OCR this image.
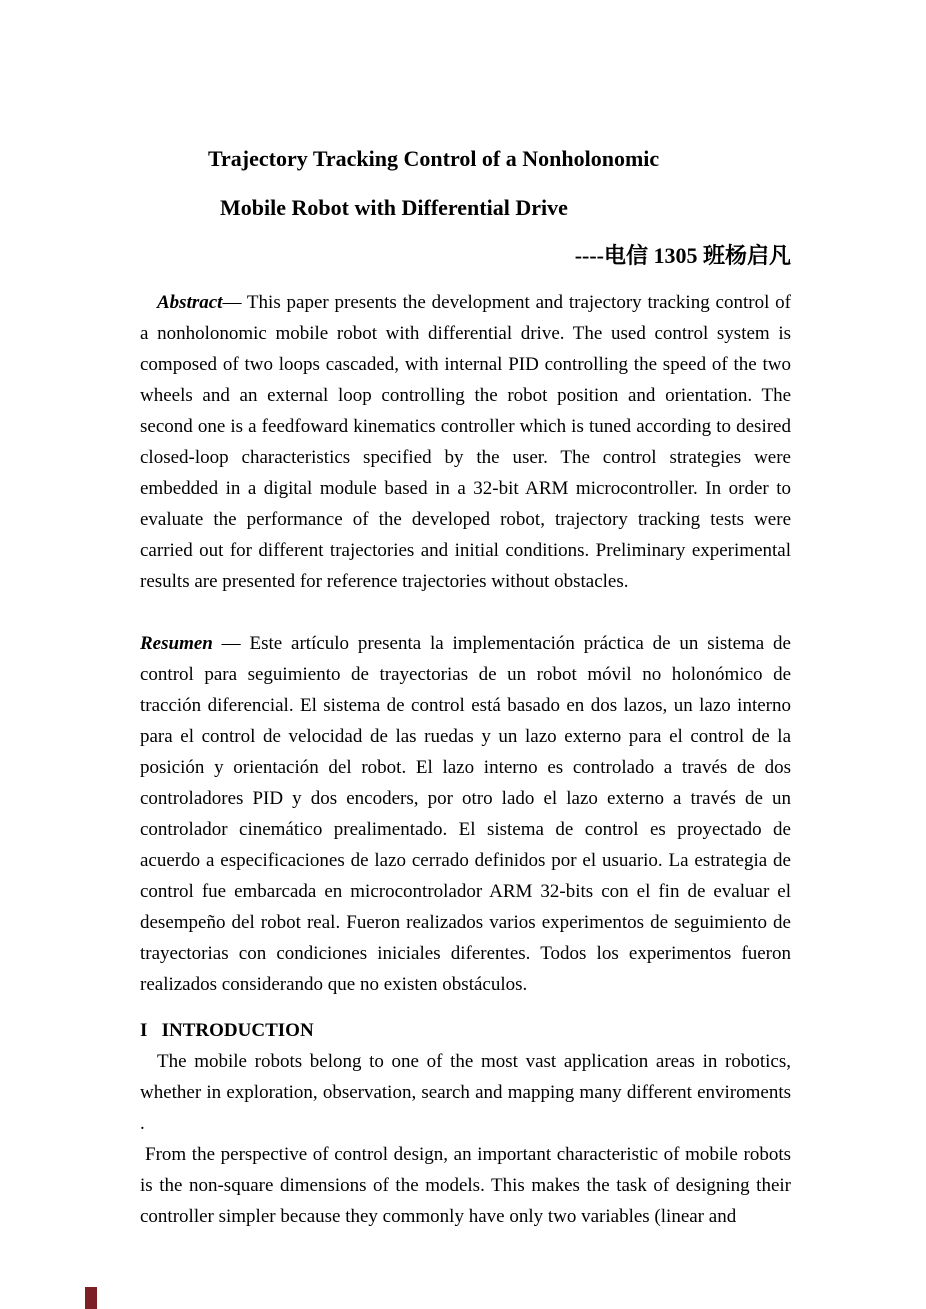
Trajectory Tracking Control of a Nonholonomic
Mobile Robot with Differential Drive
----电信 1305 班杨启凡

Abstract— This paper presents the development and trajectory tracking control of a nonholonomic mobile robot with differential drive. The used control system is composed of two loops cascaded, with internal PID controlling the speed of the two wheels and an external loop controlling the robot position and orientation. The second one is a feedfoward kinematics controller which is tuned according to desired closed-loop characteristics specified by the user. The control strategies were embedded in a digital module based in a 32-bit ARM microcontroller. In order to evaluate the performance of the developed robot, trajectory tracking tests were carried out for different trajectories and initial conditions. Preliminary experimental results are presented for reference trajectories without obstacles.

Resumen — Este artículo presenta la implementación práctica de un sistema de control para seguimiento de trayectorias de un robot móvil no holonómico de tracción diferencial. El sistema de control está basado en dos lazos, un lazo interno para el control de velocidad de las ruedas y un lazo externo para el control de la posición y orientación del robot. El lazo interno es controlado a través de dos controladores PID y dos encoders, por otro lado el lazo externo a través de un controlador cinemático prealimentado. El sistema de control es proyectado de acuerdo a especificaciones de lazo cerrado definidos por el usuario. La estrategia de control fue embarcada en microcontrolador ARM 32-bits con el fin de evaluar el desempeño del robot real. Fueron realizados varios experimentos de seguimiento de trayectorias con condiciones iniciales diferentes. Todos los experimentos fueron realizados considerando que no existen obstáculos.

I   INTRODUCTION

The mobile robots belong to one of the most vast application areas in robotics, whether in exploration, observation, search and mapping many different enviroments .

From the perspective of control design, an important characteristic of mobile robots is the non-square dimensions of the models. This makes the task of designing their controller simpler because they commonly have only two variables (linear and
